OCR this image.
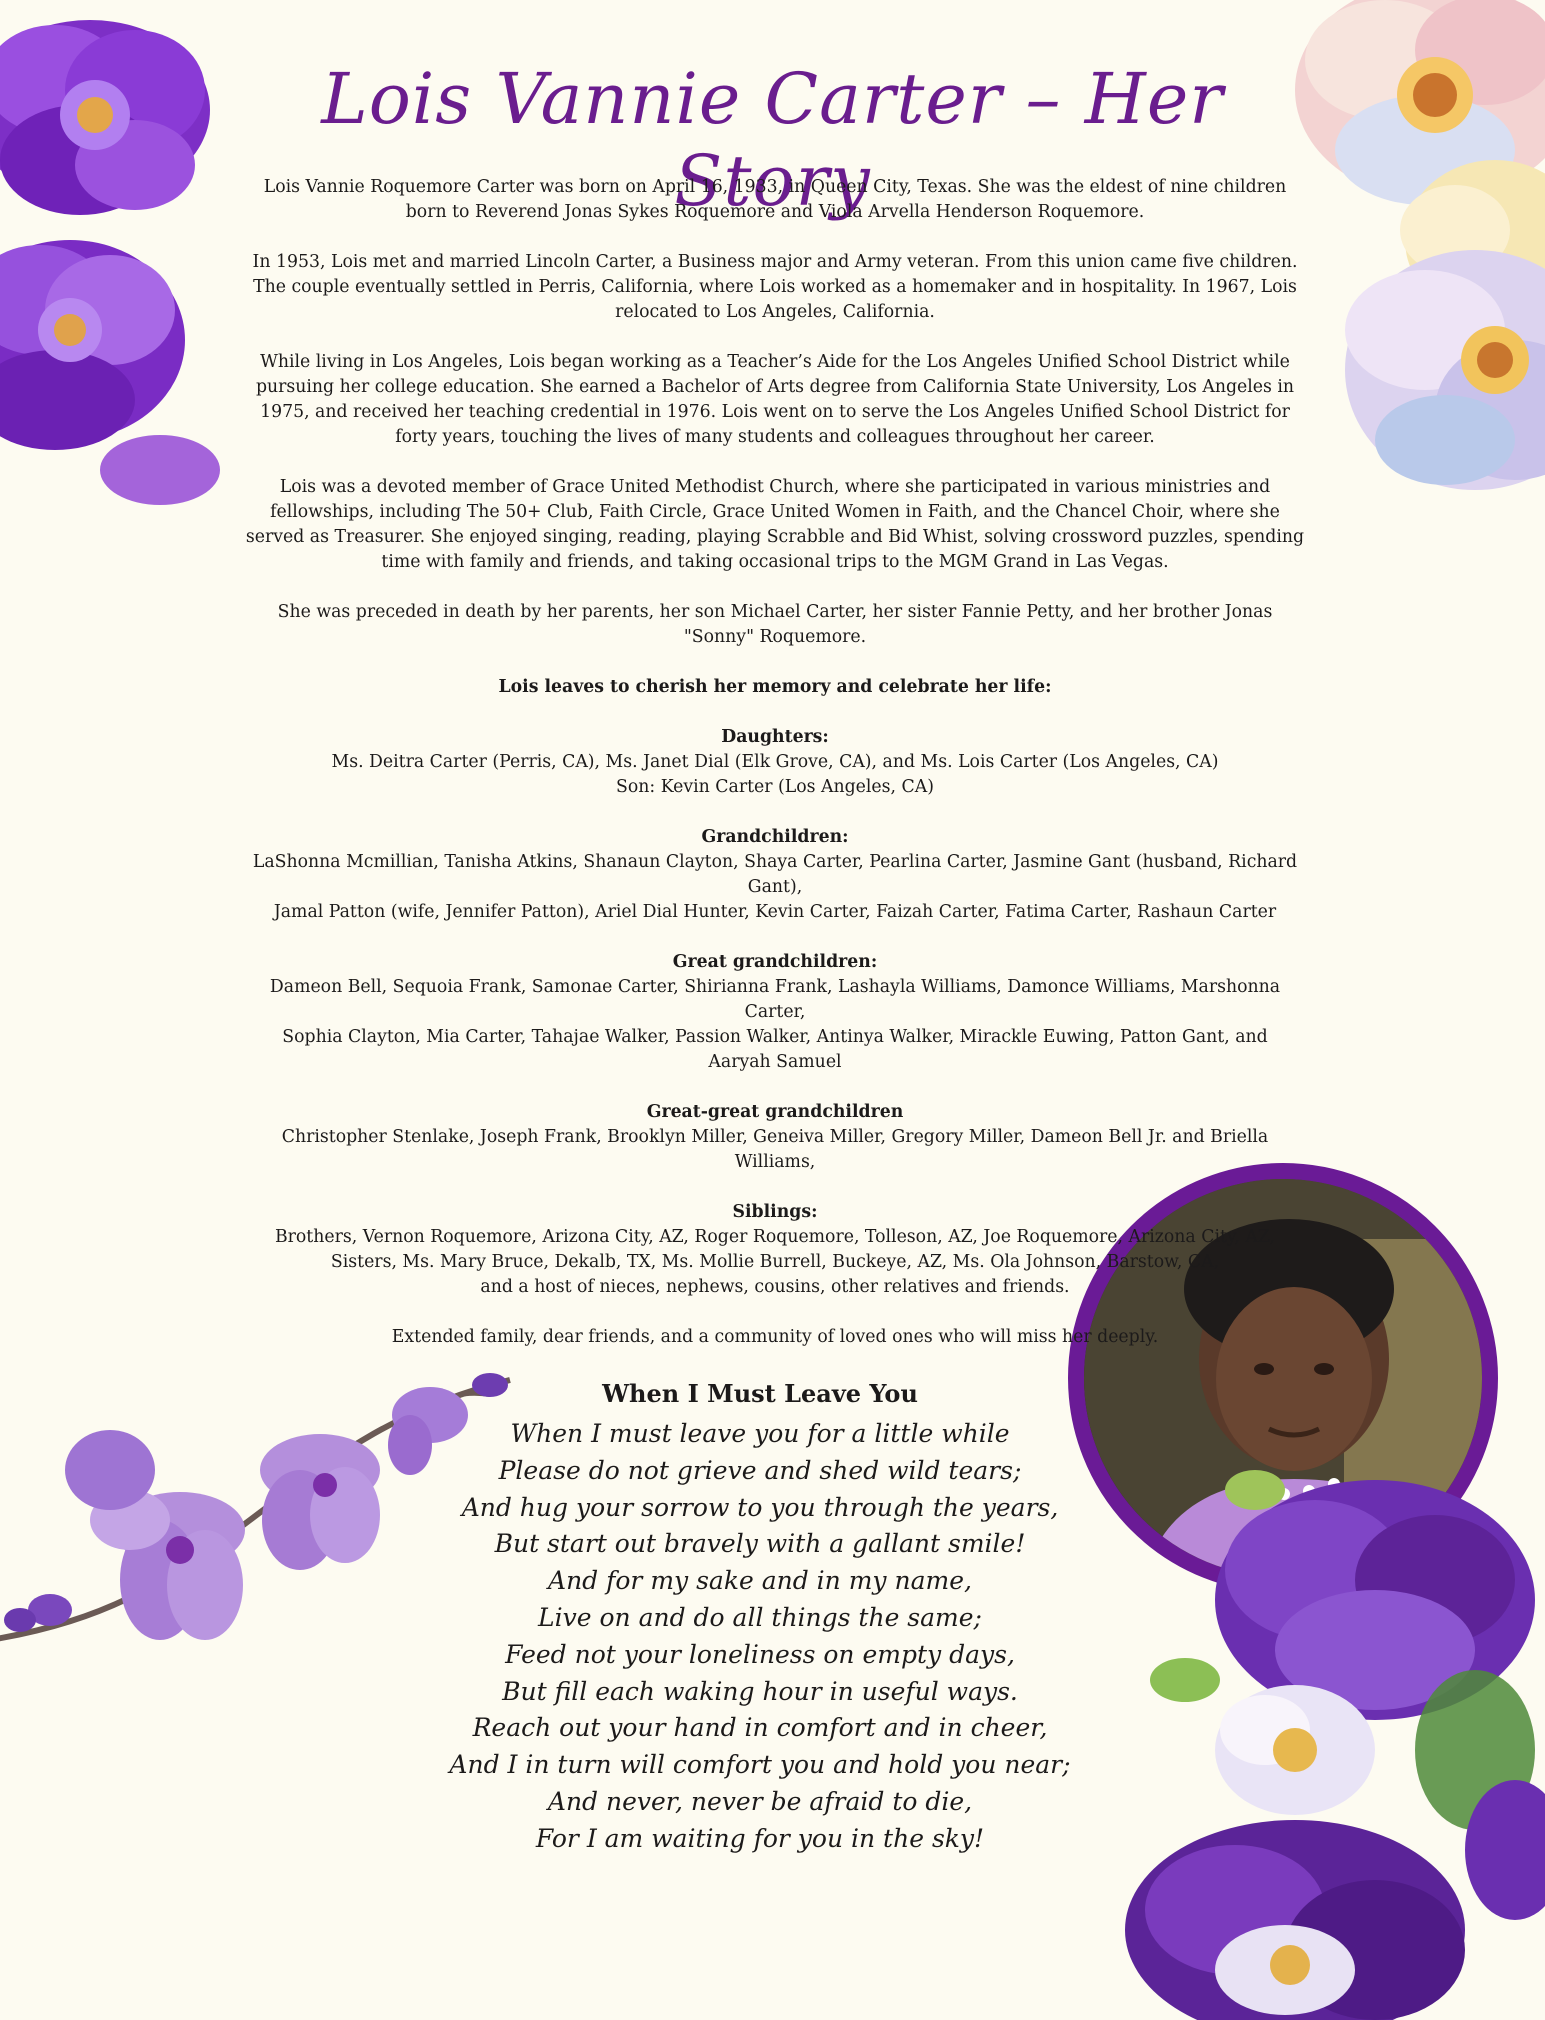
Lois Vannie Carter – Her Story

Lois Vannie Roquemore Carter was born on April 16, 1933, in Queen City, Texas. She was the eldest of nine children born to Reverend Jonas Sykes Roquemore and Viola Arvella Henderson Roquemore.

In 1953, Lois met and married Lincoln Carter, a Business major and Army veteran. From this union came five children. The couple eventually settled in Perris, California, where Lois worked as a homemaker and in hospitality. In 1967, Lois relocated to Los Angeles, California.

While living in Los Angeles, Lois began working as a Teacher’s Aide for the Los Angeles Unified School District while pursuing her college education. She earned a Bachelor of Arts degree from California State University, Los Angeles in 1975, and received her teaching credential in 1976. Lois went on to serve the Los Angeles Unified School District for forty years, touching the lives of many students and colleagues throughout her career.

Lois was a devoted member of Grace United Methodist Church, where she participated in various ministries and fellowships, including The 50+ Club, Faith Circle, Grace United Women in Faith, and the Chancel Choir, where she served as Treasurer. She enjoyed singing, reading, playing Scrabble and Bid Whist, solving crossword puzzles, spending time with family and friends, and taking occasional trips to the MGM Grand in Las Vegas.

She was preceded in death by her parents, her son Michael Carter, her sister Fannie Petty, and her brother Jonas "Sonny" Roquemore.

Lois leaves to cherish her memory and celebrate her life:

Daughters:

Ms. Deitra Carter (Perris, CA), Ms. Janet Dial (Elk Grove, CA), and Ms. Lois Carter (Los Angeles, CA)

Son: Kevin Carter (Los Angeles, CA)

Grandchildren:

LaShonna Mcmillian, Tanisha Atkins, Shanaun Clayton, Shaya Carter, Pearlina Carter, Jasmine Gant (husband, Richard Gant),

Jamal Patton (wife, Jennifer Patton), Ariel Dial Hunter, Kevin Carter, Faizah Carter, Fatima Carter, Rashaun Carter

Great grandchildren:

Dameon Bell, Sequoia Frank, Samonae Carter, Shirianna Frank, Lashayla Williams, Damonce Williams, Marshonna Carter,

Sophia Clayton, Mia Carter, Tahajae Walker, Passion Walker, Antinya Walker, Mirackle Euwing, Patton Gant, and

Aaryah Samuel

Great-great grandchildren

Christopher Stenlake, Joseph Frank, Brooklyn Miller, Geneiva Miller, Gregory Miller, Dameon Bell Jr. and Briella Williams,

Siblings:

Brothers, Vernon Roquemore, Arizona City, AZ, Roger Roquemore, Tolleson, AZ, Joe Roquemore, Arizona City, AZ,

Sisters, Ms. Mary Bruce, Dekalb, TX, Ms. Mollie Burrell, Buckeye, AZ, Ms. Ola Johnson, Barstow, CA,

and a host of nieces, nephews, cousins, other relatives and friends.

Extended family, dear friends, and a community of loved ones who will miss her deeply.

When I Must Leave You

When I must leave you for a little while

Please do not grieve and shed wild tears;

And hug your sorrow to you through the years,

But start out bravely with a gallant smile!

And for my sake and in my name,

Live on and do all things the same;

Feed not your loneliness on empty days,

But fill each waking hour in useful ways.

Reach out your hand in comfort and in cheer,

And I in turn will comfort you and hold you near;

And never, never be afraid to die,

For I am waiting for you in the sky!
